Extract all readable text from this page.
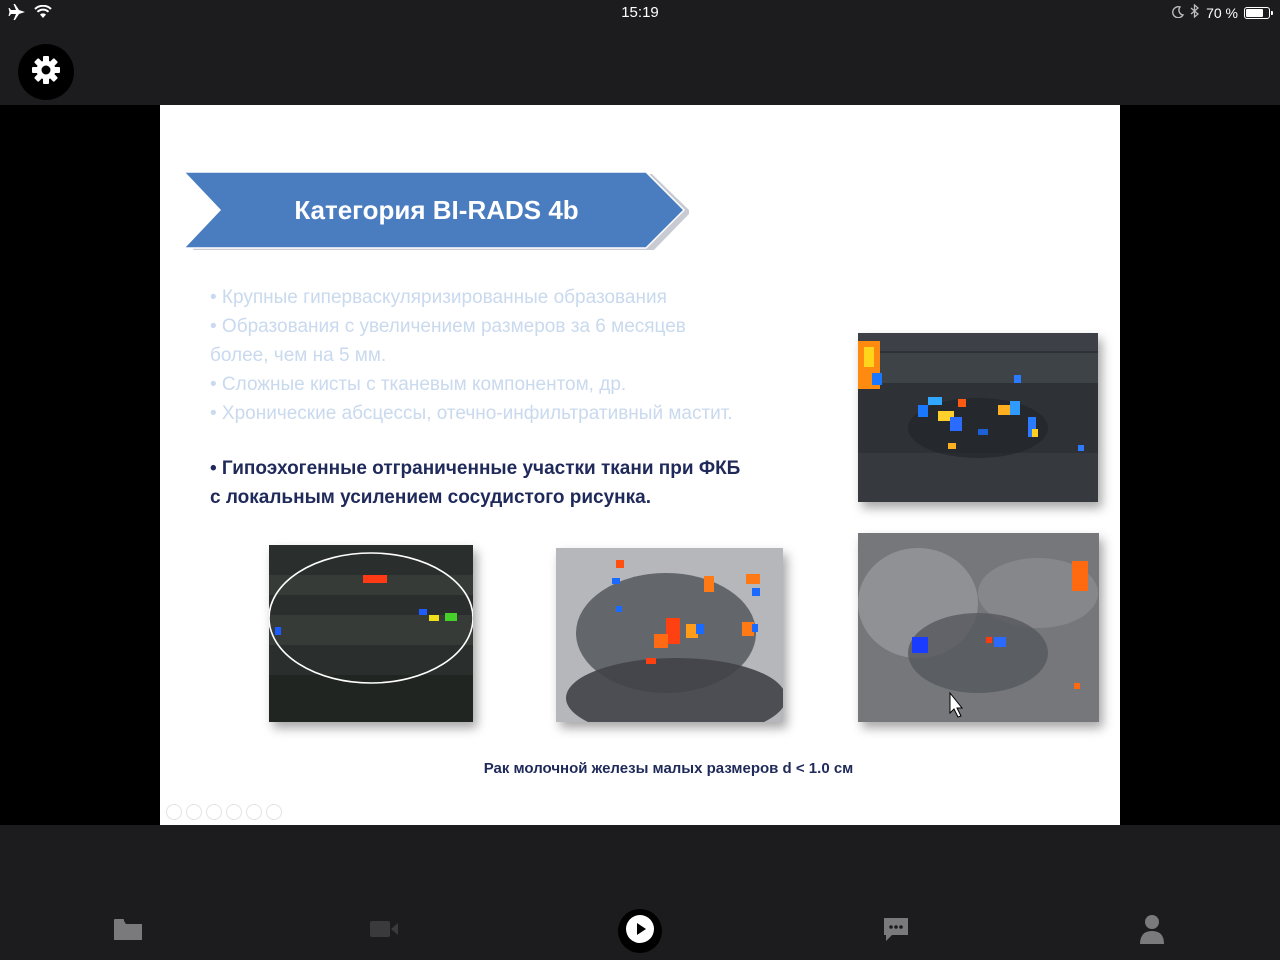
15:19	70 %
Категория BI-RADS 4b
• Крупные гиперваскуляризированные образования
• Образования с увеличением размеров за 6 месяцев
более, чем на 5 мм.
• Сложные кисты с тканевым компонентом, др.
• Хронические абсцессы, отечно-инфильтративный мастит.
• Гипоэхогенные отграниченные участки ткани при ФКБ
с локальным усилением сосудистого рисунка.
Рак молочной железы малых размеров d < 1.0 см
